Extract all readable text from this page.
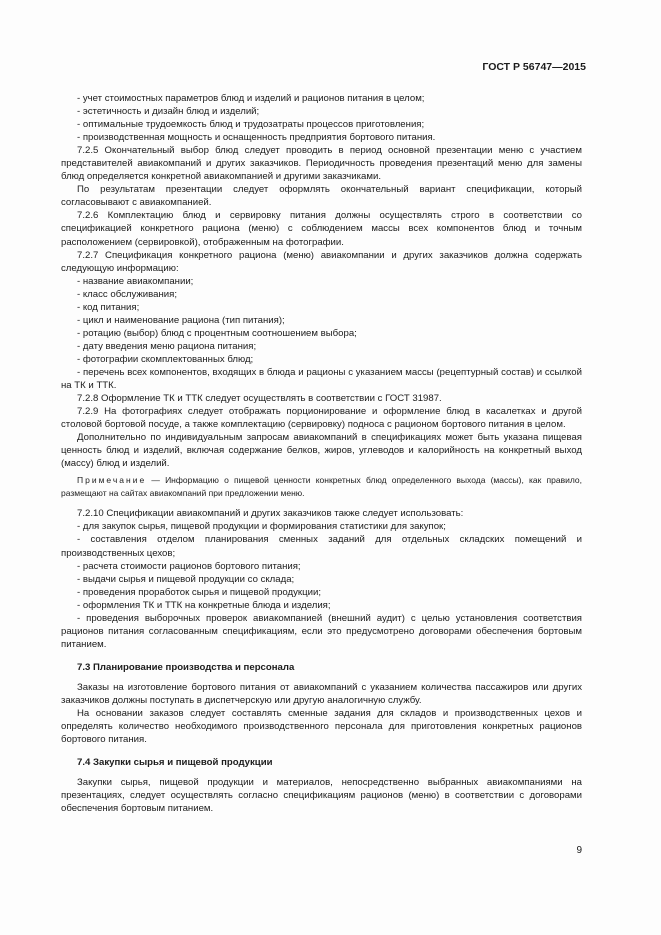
ГОСТ Р 56747—2015
- учет стоимостных параметров блюд и изделий и рационов питания в целом;
- эстетичность и дизайн блюд и изделий;
- оптимальные трудоемкость блюд и трудозатраты процессов приготовления;
- производственная мощность и оснащенность предприятия бортового питания.
7.2.5 Окончательный выбор блюд следует проводить в период основной презентации меню с участием представителей авиакомпаний и других заказчиков. Периодичность проведения презентаций меню для замены блюд определяется конкретной авиакомпанией и другими заказчиками.
По результатам презентации следует оформлять окончательный вариант спецификации, который согласовывают с авиакомпанией.
7.2.6 Комплектацию блюд и сервировку питания должны осуществлять строго в соответствии со спецификацией конкретного рациона (меню) с соблюдением массы всех компонентов блюд и точным расположением (сервировкой), отображенным на фотографии.
7.2.7 Спецификация конкретного рациона (меню) авиакомпании и других заказчиков должна содержать следующую информацию:
- название авиакомпании;
- класс обслуживания;
- код питания;
- цикл и наименование рациона (тип питания);
- ротацию (выбор) блюд с процентным соотношением выбора;
- дату введения меню рациона питания;
- фотографии скомплектованных блюд;
- перечень всех компонентов, входящих в блюда и рационы с указанием массы (рецептурный состав) и ссылкой на ТК и ТТК.
7.2.8 Оформление ТК и ТТК следует осуществлять в соответствии с ГОСТ 31987.
7.2.9 На фотографиях следует отображать порционирование и оформление блюд в касалетках и другой столовой бортовой посуде, а также комплектацию (сервировку) подноса с рационом бортового питания в целом.
Дополнительно по индивидуальным запросам авиакомпаний в спецификациях может быть указана пищевая ценность блюд и изделий, включая содержание белков, жиров, углеводов и калорийность на конкретный выход (массу) блюд и изделий.
Примечание — Информацию о пищевой ценности конкретных блюд определенного выхода (массы), как правило, размещают на сайтах авиакомпаний при предложении меню.
7.2.10 Спецификации авиакомпаний и других заказчиков также следует использовать:
- для закупок сырья, пищевой продукции и формирования статистики для закупок;
- составления отделом планирования сменных заданий для отдельных складских помещений и производственных цехов;
- расчета стоимости рационов бортового питания;
- выдачи сырья и пищевой продукции со склада;
- проведения проработок сырья и пищевой продукции;
- оформления ТК и ТТК на конкретные блюда и изделия;
- проведения выборочных проверок авиакомпанией (внешний аудит) с целью установления соответствия рационов питания согласованным спецификациям, если это предусмотрено договорами обеспечения бортовым питанием.
7.3 Планирование производства и персонала
Заказы на изготовление бортового питания от авиакомпаний с указанием количества пассажиров или других заказчиков должны поступать в диспетчерскую или другую аналогичную службу.
На основании заказов следует составлять сменные задания для складов и производственных цехов и определять количество необходимого производственного персонала для приготовления конкретных рационов бортового питания.
7.4 Закупки сырья и пищевой продукции
Закупки сырья, пищевой продукции и материалов, непосредственно выбранных авиакомпаниями на презентациях, следует осуществлять согласно спецификациям рационов (меню) в соответствии с договорами обеспечения бортовым питанием.
9
